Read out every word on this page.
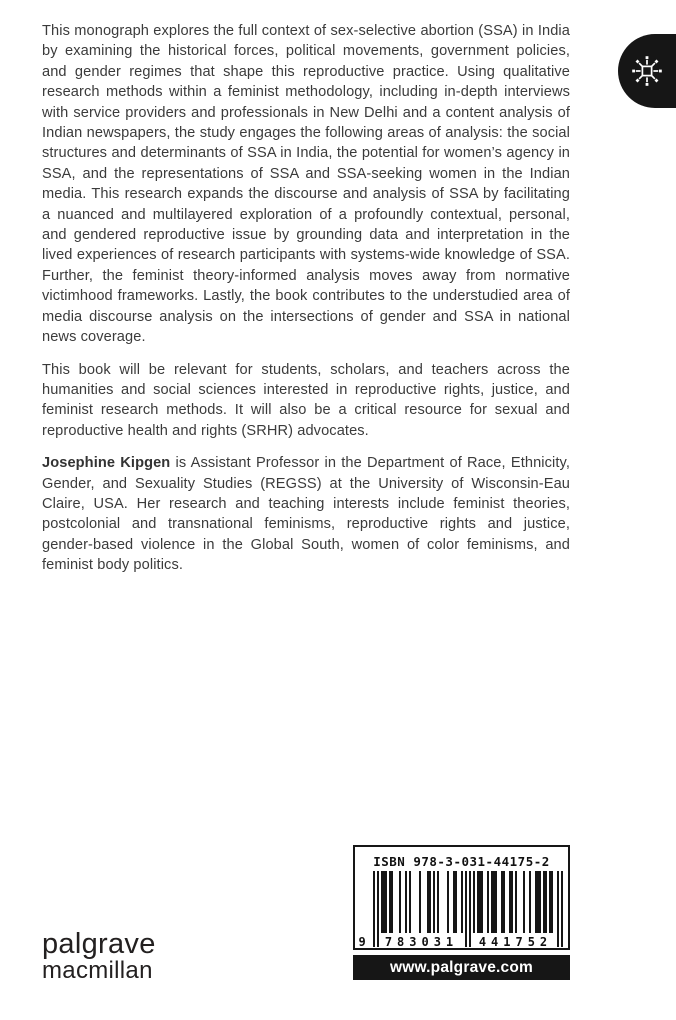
This monograph explores the full context of sex-selective abortion (SSA) in India by examining the historical forces, political movements, government policies, and gender regimes that shape this reproductive practice. Using qualitative research methods within a feminist methodology, including in-depth interviews with service providers and professionals in New Delhi and a content analysis of Indian newspapers, the study engages the following areas of analysis: the social structures and determinants of SSA in India, the potential for women’s agency in SSA, and the representations of SSA and SSA-seeking women in the Indian media. This research expands the discourse and analysis of SSA by facilitating a nuanced and multilayered exploration of a profoundly contextual, personal, and gendered reproductive issue by grounding data and interpretation in the lived experiences of research participants with systems-wide knowledge of SSA. Further, the feminist theory-informed analysis moves away from normative victimhood frameworks. Lastly, the book contributes to the understudied area of media discourse analysis on the intersections of gender and SSA in national news coverage.

This book will be relevant for students, scholars, and teachers across the humanities and social sciences interested in reproductive rights, justice, and feminist research methods. It will also be a critical resource for sexual and reproductive health and rights (SRHR) advocates.

Josephine Kipgen is Assistant Professor in the Department of Race, Ethnicity, Gender, and Sexuality Studies (REGSS) at the University of Wisconsin-Eau Claire, USA. Her research and teaching interests include feminist theories, postcolonial and transnational feminisms, reproductive rights and justice, gender-based violence in the Global South, women of color feminisms, and feminist body politics.

ISBN 978-3-031-44175-2
9	783031	441752
www.palgrave.com
palgrave
macmillan
